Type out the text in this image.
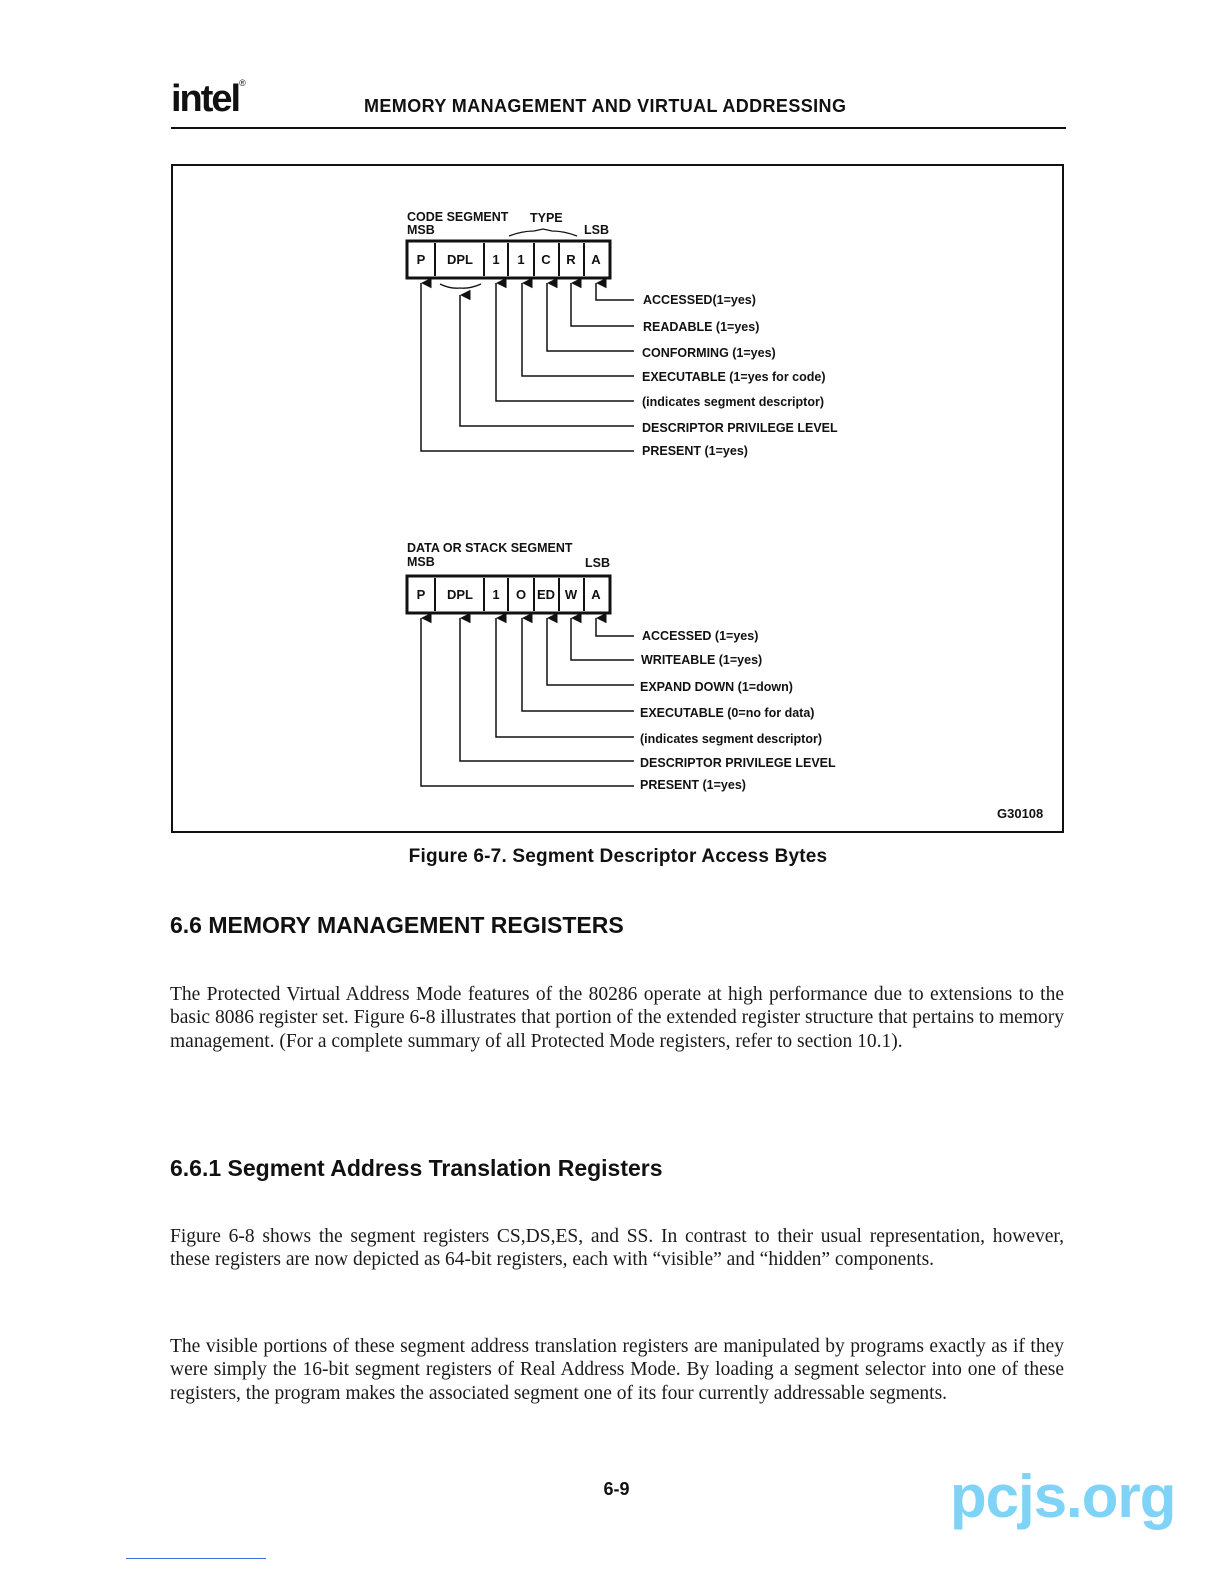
intel®
MEMORY MANAGEMENT AND VIRTUAL ADDRESSING
CODE SEGMENT TYPE
MSB	LSB
P DPL 1 1 C R A
ACCESSED(1=yes)
READABLE (1=yes)
CONFORMING (1=yes)
EXECUTABLE (1=yes for code)
(indicates segment descriptor)
DESCRIPTOR PRIVILEGE LEVEL
PRESENT (1=yes)
DATA OR STACK SEGMENT
MSB	LSB
P DPL 1 O ED W A
ACCESSED (1=yes)
WRITEABLE (1=yes)
EXPAND DOWN (1=down)
EXECUTABLE (0=no for data)
(indicates segment descriptor)
DESCRIPTOR PRIVILEGE LEVEL
PRESENT (1=yes)
G30108
Figure 6-7. Segment Descriptor Access Bytes
6.6 MEMORY MANAGEMENT REGISTERS
The Protected Virtual Address Mode features of the 80286 operate at high performance due to extensions to the basic 8086 register set. Figure 6-8 illustrates that portion of the extended register structure that pertains to memory management. (For a complete summary of all Protected Mode registers, refer to section 10.1).
6.6.1 Segment Address Translation Registers
Figure 6-8 shows the segment registers CS,DS,ES, and SS. In contrast to their usual representation, however, these registers are now depicted as 64-bit registers, each with “visible” and “hidden” components.
The visible portions of these segment address translation registers are manipulated by programs exactly as if they were simply the 16-bit segment registers of Real Address Mode. By loading a segment selector into one of these registers, the program makes the associated segment one of its four currently addressable segments.
6-9	pcjs.org
